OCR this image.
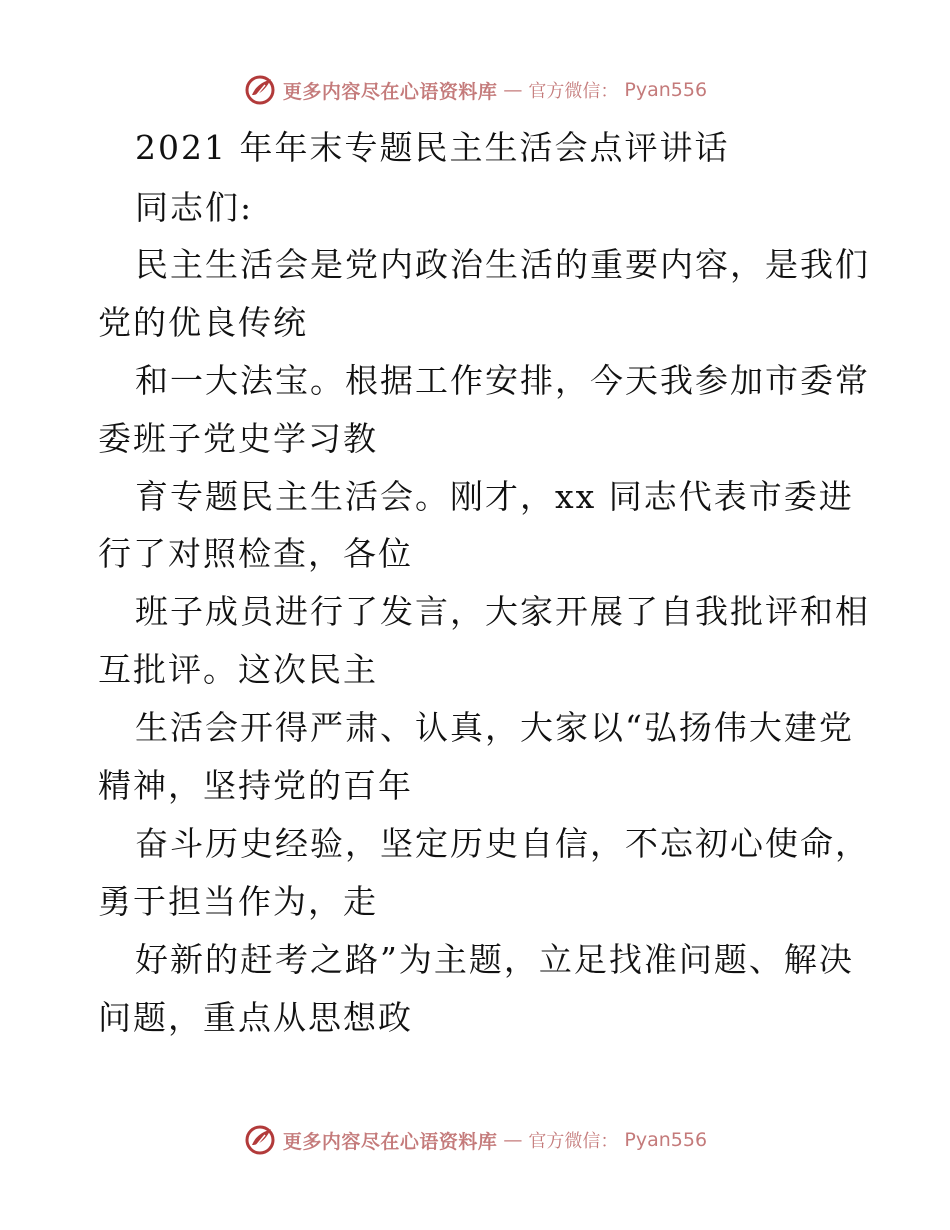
更多内容尽在心语资料库 — 官方微信： Pyan556
2021 年年末专题民主生活会点评讲话
同志们:
民主生活会是党内政治生活的重要内容，是我们
党的优良传统
和一大法宝。根据工作安排，今天我参加市委常
委班子党史学习教
育专题民主生活会。刚才，xx 同志代表市委进
行了对照检查，各位
班子成员进行了发言，大家开展了自我批评和相
互批评。这次民主
生活会开得严肃、认真，大家以“弘扬伟大建党
精神，坚持党的百年
奋斗历史经验，坚定历史自信，不忘初心使命，
勇于担当作为，走
好新的赶考之路”为主题，立足找准问题、解决
问题，重点从思想政
更多内容尽在心语资料库 — 官方微信： Pyan556
